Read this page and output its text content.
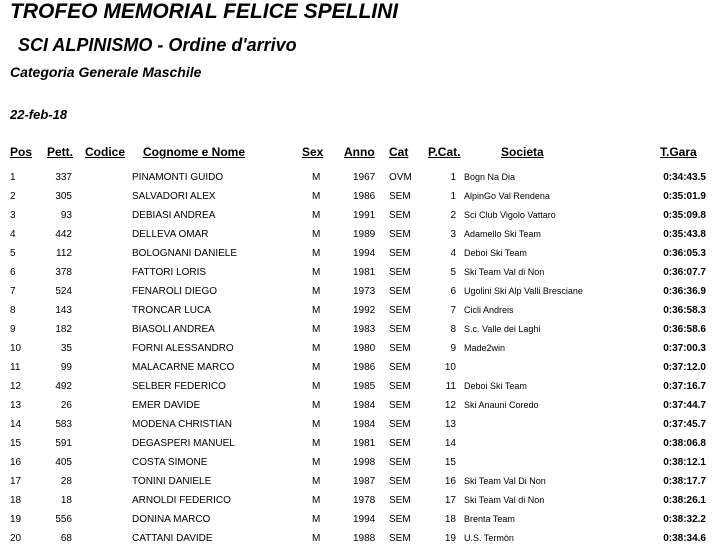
TROFEO MEMORIAL FELICE SPELLINI
SCI ALPINISMO - Ordine d'arrivo
Categoria Generale Maschile
22-feb-18
Pos Pett. Codice Cognome e Nome	Sex Anno Cat P.Cat.	Societa	T.Gara
1	337	PINAMONTI GUIDO	M	1967 OVM	1 Bogn Na Dia	0:34:43.5
2	305	SALVADORI ALEX	M	1986 SEM	1 AlpinGo Val Rendena	0:35:01.9
3	93	DEBIASI ANDREA	M	1991 SEM	2 Sci Club Vigolo Vattaro	0:35:09.8
4	442	DELLEVA OMAR	M	1989 SEM	3 Adamello Ski Team	0:35:43.8
5	112	BOLOGNANI DANIELE	M	1994 SEM	4 Deboi Ski Team	0:36:05.3
6	378	FATTORI LORIS	M	1981 SEM	5 Ski Team Val di Non	0:36:07.7
7	524	FENAROLI DIEGO	M	1973 SEM	6 Ugolini Ski Alp Valli Bresciane	0:36:36.9
8	143	TRONCAR LUCA	M	1992 SEM	7 Cicli Andreis	0:36:58.3
9	182	BIASOLI ANDREA	M	1983 SEM	8 S.c. Valle dei Laghi	0:36:58.6
10	35	FORNI ALESSANDRO	M	1980 SEM	9 Made2win	0:37:00.3
11	99	MALACARNE MARCO	M	1986 SEM	10	0:37:12.0
12	492	SELBER FEDERICO	M	1985 SEM	11 Deboi Ski Team	0:37:16.7
13	26	EMER DAVIDE	M	1984 SEM	12 Ski Anauni Coredo	0:37:44.7
14	583	MODENA CHRISTIAN	M	1984 SEM	13	0:37:45.7
15	591	DEGASPERI MANUEL	M	1981 SEM	14	0:38:06.8
16	405	COSTA SIMONE	M	1998 SEM	15	0:38:12.1
17	28	TONINI DANIELE	M	1987 SEM	16 Ski Team Val Di Non	0:38:17.7
18	18	ARNOLDI FEDERICO	M	1978 SEM	17 Ski Team Val di Non	0:38:26.1
19	556	DONINA MARCO	M	1994 SEM	18 Brenta Team	0:38:32.2
20	68	CATTANI DAVIDE	M	1988 SEM	19 U.S. Termòn	0:38:34.6
